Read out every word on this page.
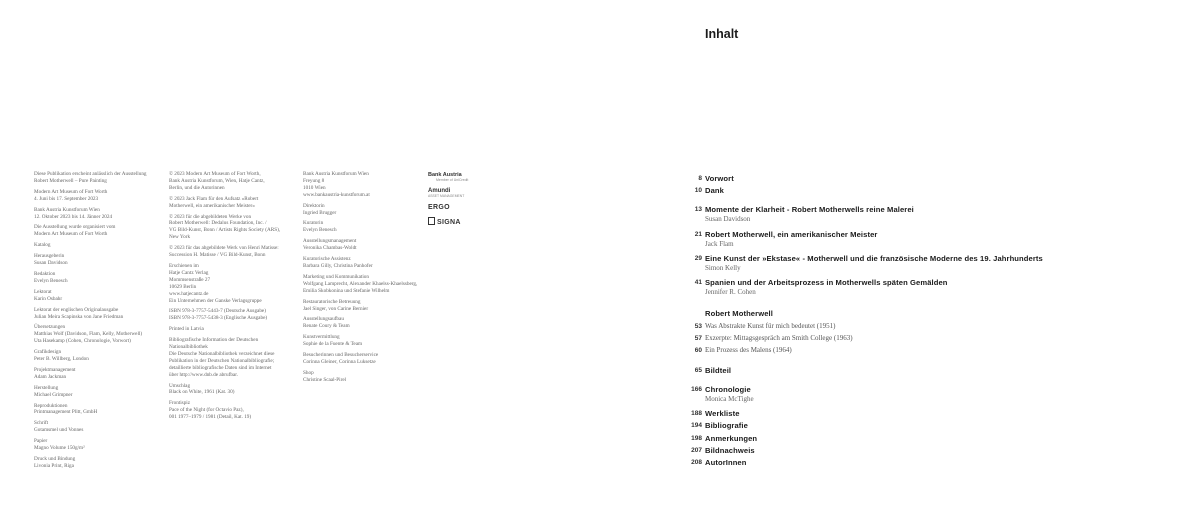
Diese Publikation erscheint anlässlich der Ausstellung
Robert Motherwell – Pure Painting

Modern Art Museum of Fort Worth
4. Juni bis 17. September 2023

Bank Austria Kunstforum Wien
12. Oktober 2023 bis 14. Jänner 2024

Die Ausstellung wurde organisiert vom
Modern Art Museum of Fort Worth

Katalog

Herausgeberin
Susan Davidson

Redaktion
Evelyn Benesch

Lektorat
Karin Osbahr

Lektorat der englischen Originalausgabe
Julian Meira Scapinska von Jane Friedman

Übersetzungen
Matthias Wolf (Davidson, Flam, Kelly, Motherwell)
Uta Hasekamp (Cohen, Chronologie, Vorwort)

Grafikdesign
Peter B. Willberg, London

Projektmanagement
Adam Jackman

Herstellung
Michael Grimpner

Reproduktionen
Printmanagement Plitt, GmbH

Schrift
Gotamsmel und Vonnes

Papier
Magno Volume 150g/m²

Druck und Bindung
Livonia Print, Riga

© 2023 Modern Art Museum of Fort Worth,
Bank Austria Kunstforum, Wien, Hatje Cantz,
Berlin, und die Autorinnen

© 2023 Jack Flam für den Aufsatz »Robert
Motherwell, ein amerikanischer Meister«

© 2023 für die abgebildeten Werke von
Robert Motherwell: Dedalus Foundation, Inc. /
VG Bild-Kunst, Bonn / Artists Rights Society (ARS),
New York

© 2023 für das abgebildete Werk von Henri Matisse:
Succession H. Matisse / VG Bild-Kunst, Bonn

Erschienen im
Hatje Cantz Verlag
Mommsenstraße 27
10629 Berlin
www.hatjecantz.de
Ein Unternehmen der Ganske Verlagsgruppe

ISBN 978-3-7757-5443-7 (Deutsche Ausgabe)
ISBN 978-3-7757-5438-3 (Englische Ausgabe)

Printed in Latvia

Bibliografische Information der Deutschen
Nationalbibliothek
Die Deutsche Nationalbibliothek verzeichnet diese
Publikation in der Deutschen Nationalbibliografie;
detaillierte bibliografische Daten sind im Internet
über http://www.dnb.de abrufbar.

Umschlag
Black on White, 1961 (Kat. 30)

Frontispiz
Pace of the Night (for Octavio Paz),
001 1977–1979 / 1981 (Detail, Kat. 19)

Bank Austria Kunstforum Wien
Freyung 8
1010 Wien
www.bankaustria-kunstforum.at

Direktorin
Ingried Brugger

Kuratorin
Evelyn Benesch

Ausstellungsmanagement
Veronika Chambas-Woldt

Kuratorische Assistenz
Barbara Gilly, Christina Panhofer

Marketing und Kommunikation
Wolfgang Lamprecht, Alexander Khaelss-Khaelssberg,
Emilia Skobkonina und Stefanie Wilhelm

Restauratorische Betreuung
Jael Singer, von Carine Bernier

Ausstellungsaufbau
Renate Coury & Team

Kunstvermittlung
Sophie de la Fuente & Team

Besucherinnen und Besucherservice
Corinna Gleiner, Corinna Luksetze

Shop
Christine Scaal-Pirel

Bank Austria
Member of UniCredit
Amundi
ASSET MANAGEMENT
ERGO
SIGNA
Inhalt
8 Vorwort
10 Dank
13 Momente der Klarheit - Robert Motherwells reine Malerei
Susan Davidson
21 Robert Motherwell, ein amerikanischer Meister
Jack Flam
29 Eine Kunst der »Ekstase« - Motherwell und die französische Moderne des 19. Jahrhunderts
Simon Kelly
41 Spanien und der Arbeitsprozess in Motherwells späten Gemälden
Jennifer R. Cohen
Robert Motherwell
53 Was Abstrakte Kunst für mich bedeutet (1951)
57 Exzerpte: Mittagsgespräch am Smith College (1963)
60 Ein Prozess des Malens (1964)
65 Bildteil
166 Chronologie
Monica McTighe
188 Werkliste
194 Bibliografie
198 Anmerkungen
207 Bildnachweis
208 AutorInnen
